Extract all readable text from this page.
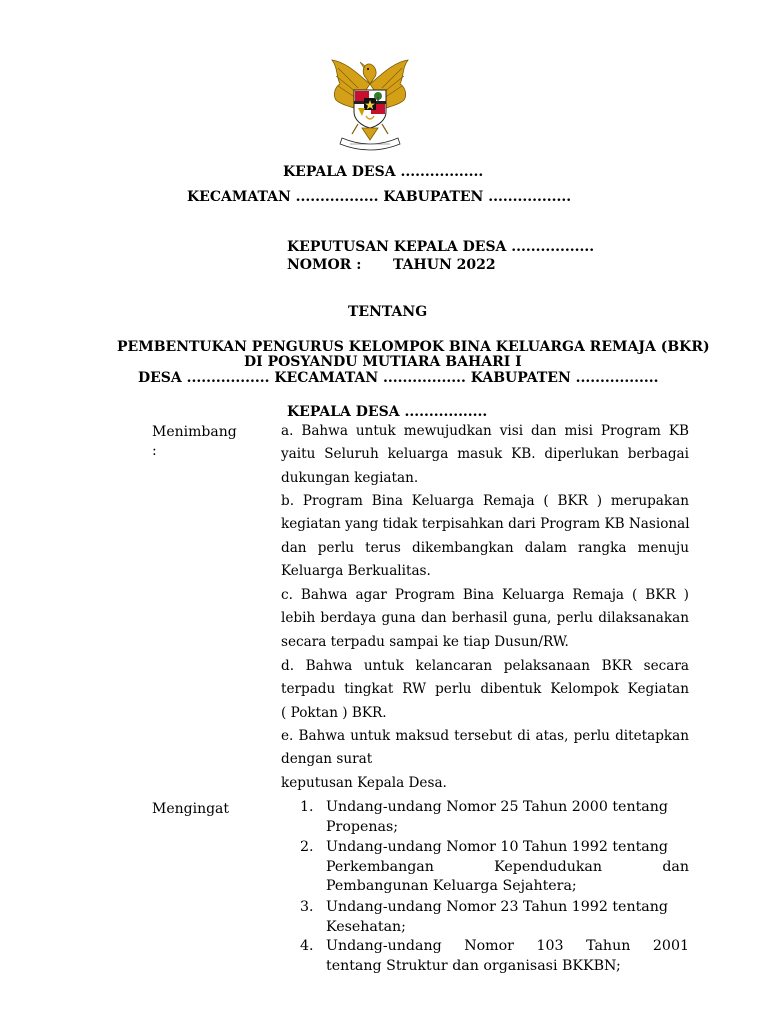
KEPALA DESA .................
KECAMATAN ................. KABUPATEN .................
KEPUTUSAN KEPALA DESA .................
NOMOR : TAHUN 2022
TENTANG
PEMBENTUKAN PENGURUS KELOMPOK BINA KELUARGA REMAJA (BKR)
DI POSYANDU MUTIARA BAHARI I
DESA ................. KECAMATAN ................. KABUPATEN .................
KEPALA DESA .................
Menimbang
:
a. Bahwa untuk mewujudkan visi dan misi Program KB
yaitu Seluruh keluarga masuk KB. diperlukan berbagai
dukungan kegiatan.
b. Program Bina Keluarga Remaja ( BKR ) merupakan
kegiatan yang tidak terpisahkan dari Program KB Nasional
dan perlu terus dikembangkan dalam rangka menuju
Keluarga Berkualitas.
c. Bahwa agar Program Bina Keluarga Remaja ( BKR )
lebih berdaya guna dan berhasil guna, perlu dilaksanakan
secara terpadu sampai ke tiap Dusun/RW.
d. Bahwa untuk kelancaran pelaksanaan BKR secara
terpadu tingkat RW perlu dibentuk Kelompok Kegiatan
( Poktan ) BKR.
e. Bahwa untuk maksud tersebut di atas, perlu ditetapkan
dengan surat
keputusan Kepala Desa.
Mengingat	1. Undang-undang Nomor 25 Tahun 2000 tentang
Propenas;
2. Undang-undang Nomor 10 Tahun 1992 tentang
Perkembangan Kependudukan dan
Pembangunan Keluarga Sejahtera;
3. Undang-undang Nomor 23 Tahun 1992 tentang
Kesehatan;
4. Undang-undang Nomor 103 Tahun 2001
tentang Struktur dan organisasi BKKBN;
